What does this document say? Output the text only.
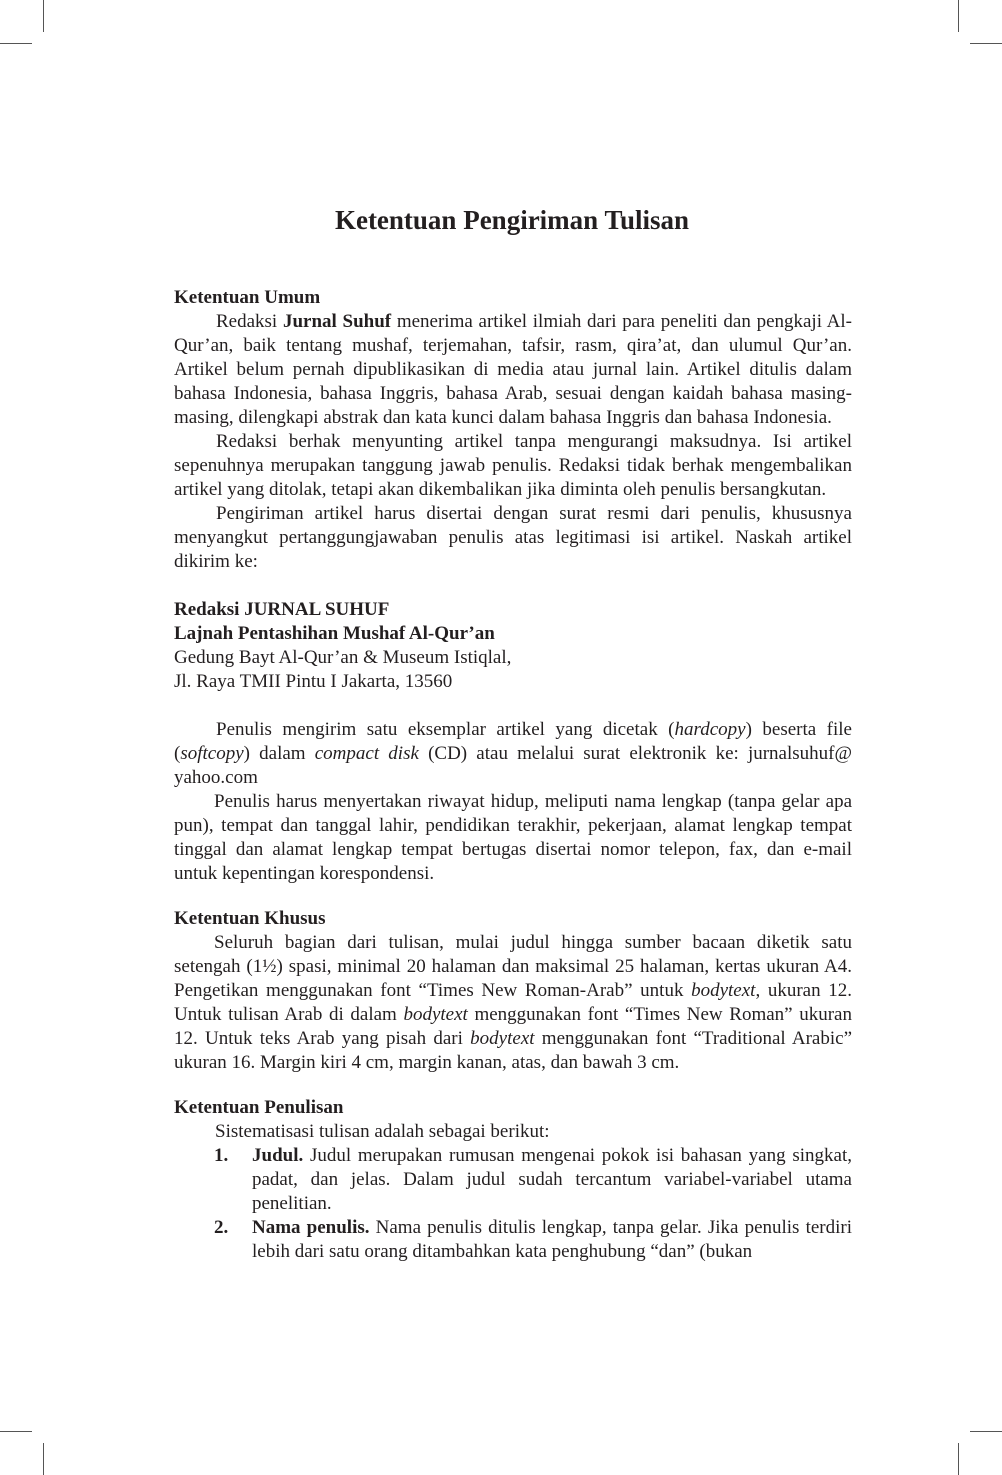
Ketentuan Pengiriman Tulisan

Ketentuan Umum

Redaksi Jurnal Suhuf menerima artikel ilmiah dari para peneliti dan pengkaji Al-Qur’an, baik tentang mushaf, terjemahan, tafsir, rasm, qira’at, dan ulumul Qur’an. Artikel belum pernah dipublikasikan di media atau jurnal lain. Artikel ditulis dalam bahasa Indonesia, bahasa Inggris, bahasa Arab, sesuai dengan kaidah bahasa masing-masing, dilengkapi abstrak dan kata kunci dalam bahasa Inggris dan bahasa Indonesia.

Redaksi berhak menyunting artikel tanpa mengurangi maksudnya. Isi artikel sepenuhnya merupakan tanggung jawab penulis. Redaksi tidak berhak mengembalikan artikel yang ditolak, tetapi akan dikembalikan jika diminta oleh penulis bersangkutan.

Pengiriman artikel harus disertai dengan surat resmi dari penulis, khususnya menyangkut pertanggungjawaban penulis atas legitimasi isi artikel. Naskah artikel dikirim ke:

Redaksi JURNAL SUHUF

Lajnah Pentashihan Mushaf Al-Qur’an

Gedung Bayt Al-Qur’an & Museum Istiqlal,

Jl. Raya TMII Pintu I Jakarta, 13560

Penulis mengirim satu eksemplar artikel yang dicetak (hardcopy) beserta file (softcopy) dalam compact disk (CD) atau melalui surat elektronik ke: jurnalsuhuf@ yahoo.com

Penulis harus menyertakan riwayat hidup, meliputi nama lengkap (tanpa gelar apa pun), tempat dan tanggal lahir, pendidikan terakhir, pekerjaan, alamat lengkap tempat tinggal dan alamat lengkap tempat bertugas disertai nomor telepon, fax, dan e-mail untuk kepentingan korespondensi.

Ketentuan Khusus

Seluruh bagian dari tulisan, mulai judul hingga sumber bacaan diketik satu setengah (1½) spasi, minimal 20 halaman dan maksimal 25 halaman, kertas ukuran A4. Pengetikan menggunakan font “Times New Roman-Arab” untuk bodytext, ukuran 12. Untuk tulisan Arab di dalam bodytext menggunakan font “Times New Roman” ukuran 12. Untuk teks Arab yang pisah dari bodytext menggunakan font “Traditional Arabic” ukuran 16. Margin kiri 4 cm, margin kanan, atas, dan bawah 3 cm.

Ketentuan Penulisan

Sistematisasi tulisan adalah sebagai berikut:

1. Judul. Judul merupakan rumusan mengenai pokok isi bahasan yang singkat, padat, dan jelas. Dalam judul sudah tercantum variabel-variabel utama penelitian.
2. Nama penulis. Nama penulis ditulis lengkap, tanpa gelar. Jika penulis terdiri lebih dari satu orang ditambahkan kata penghubung “dan” (bukan
